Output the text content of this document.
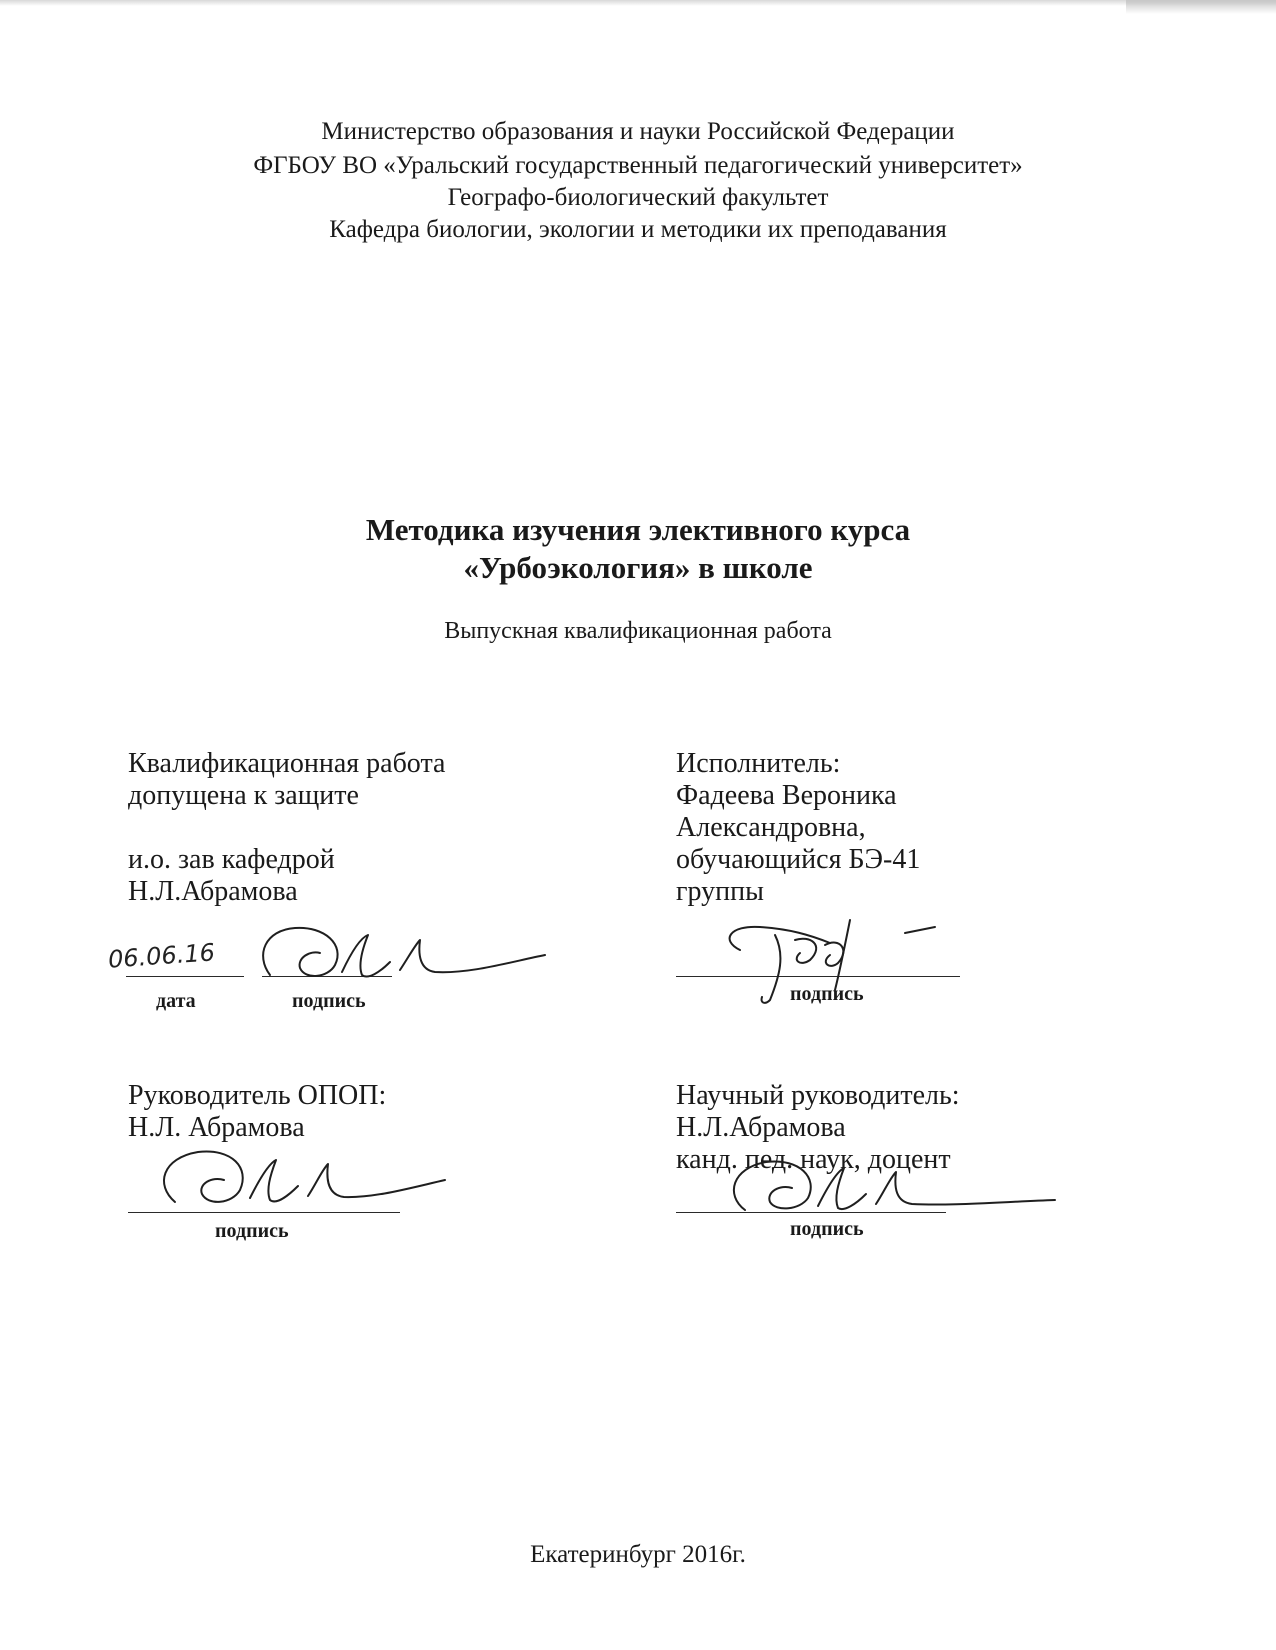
Министерство образования и науки Российской Федерации

ФГБОУ ВО «Уральский государственный педагогический университет»

Географо-биологический факультет

Кафедра биологии, экологии и методики их преподавания

Методика изучения элективного курса
«Урбоэкология» в школе

Выпускная квалификационная работа

Квалификационная работа
допущена к защите
и.о. зав кафедрой
Н.Л.Абрамова
06.06.16
дата	подпись
Исполнитель:
Фадеева Вероника
Александровна,
обучающийся БЭ-41
группы
подпись
Руководитель ОПОП:
Н.Л. Абрамова
подпись
Научный руководитель:
Н.Л.Абрамова
канд. пед. наук, доцент
подпись

Екатеринбург 2016г.
